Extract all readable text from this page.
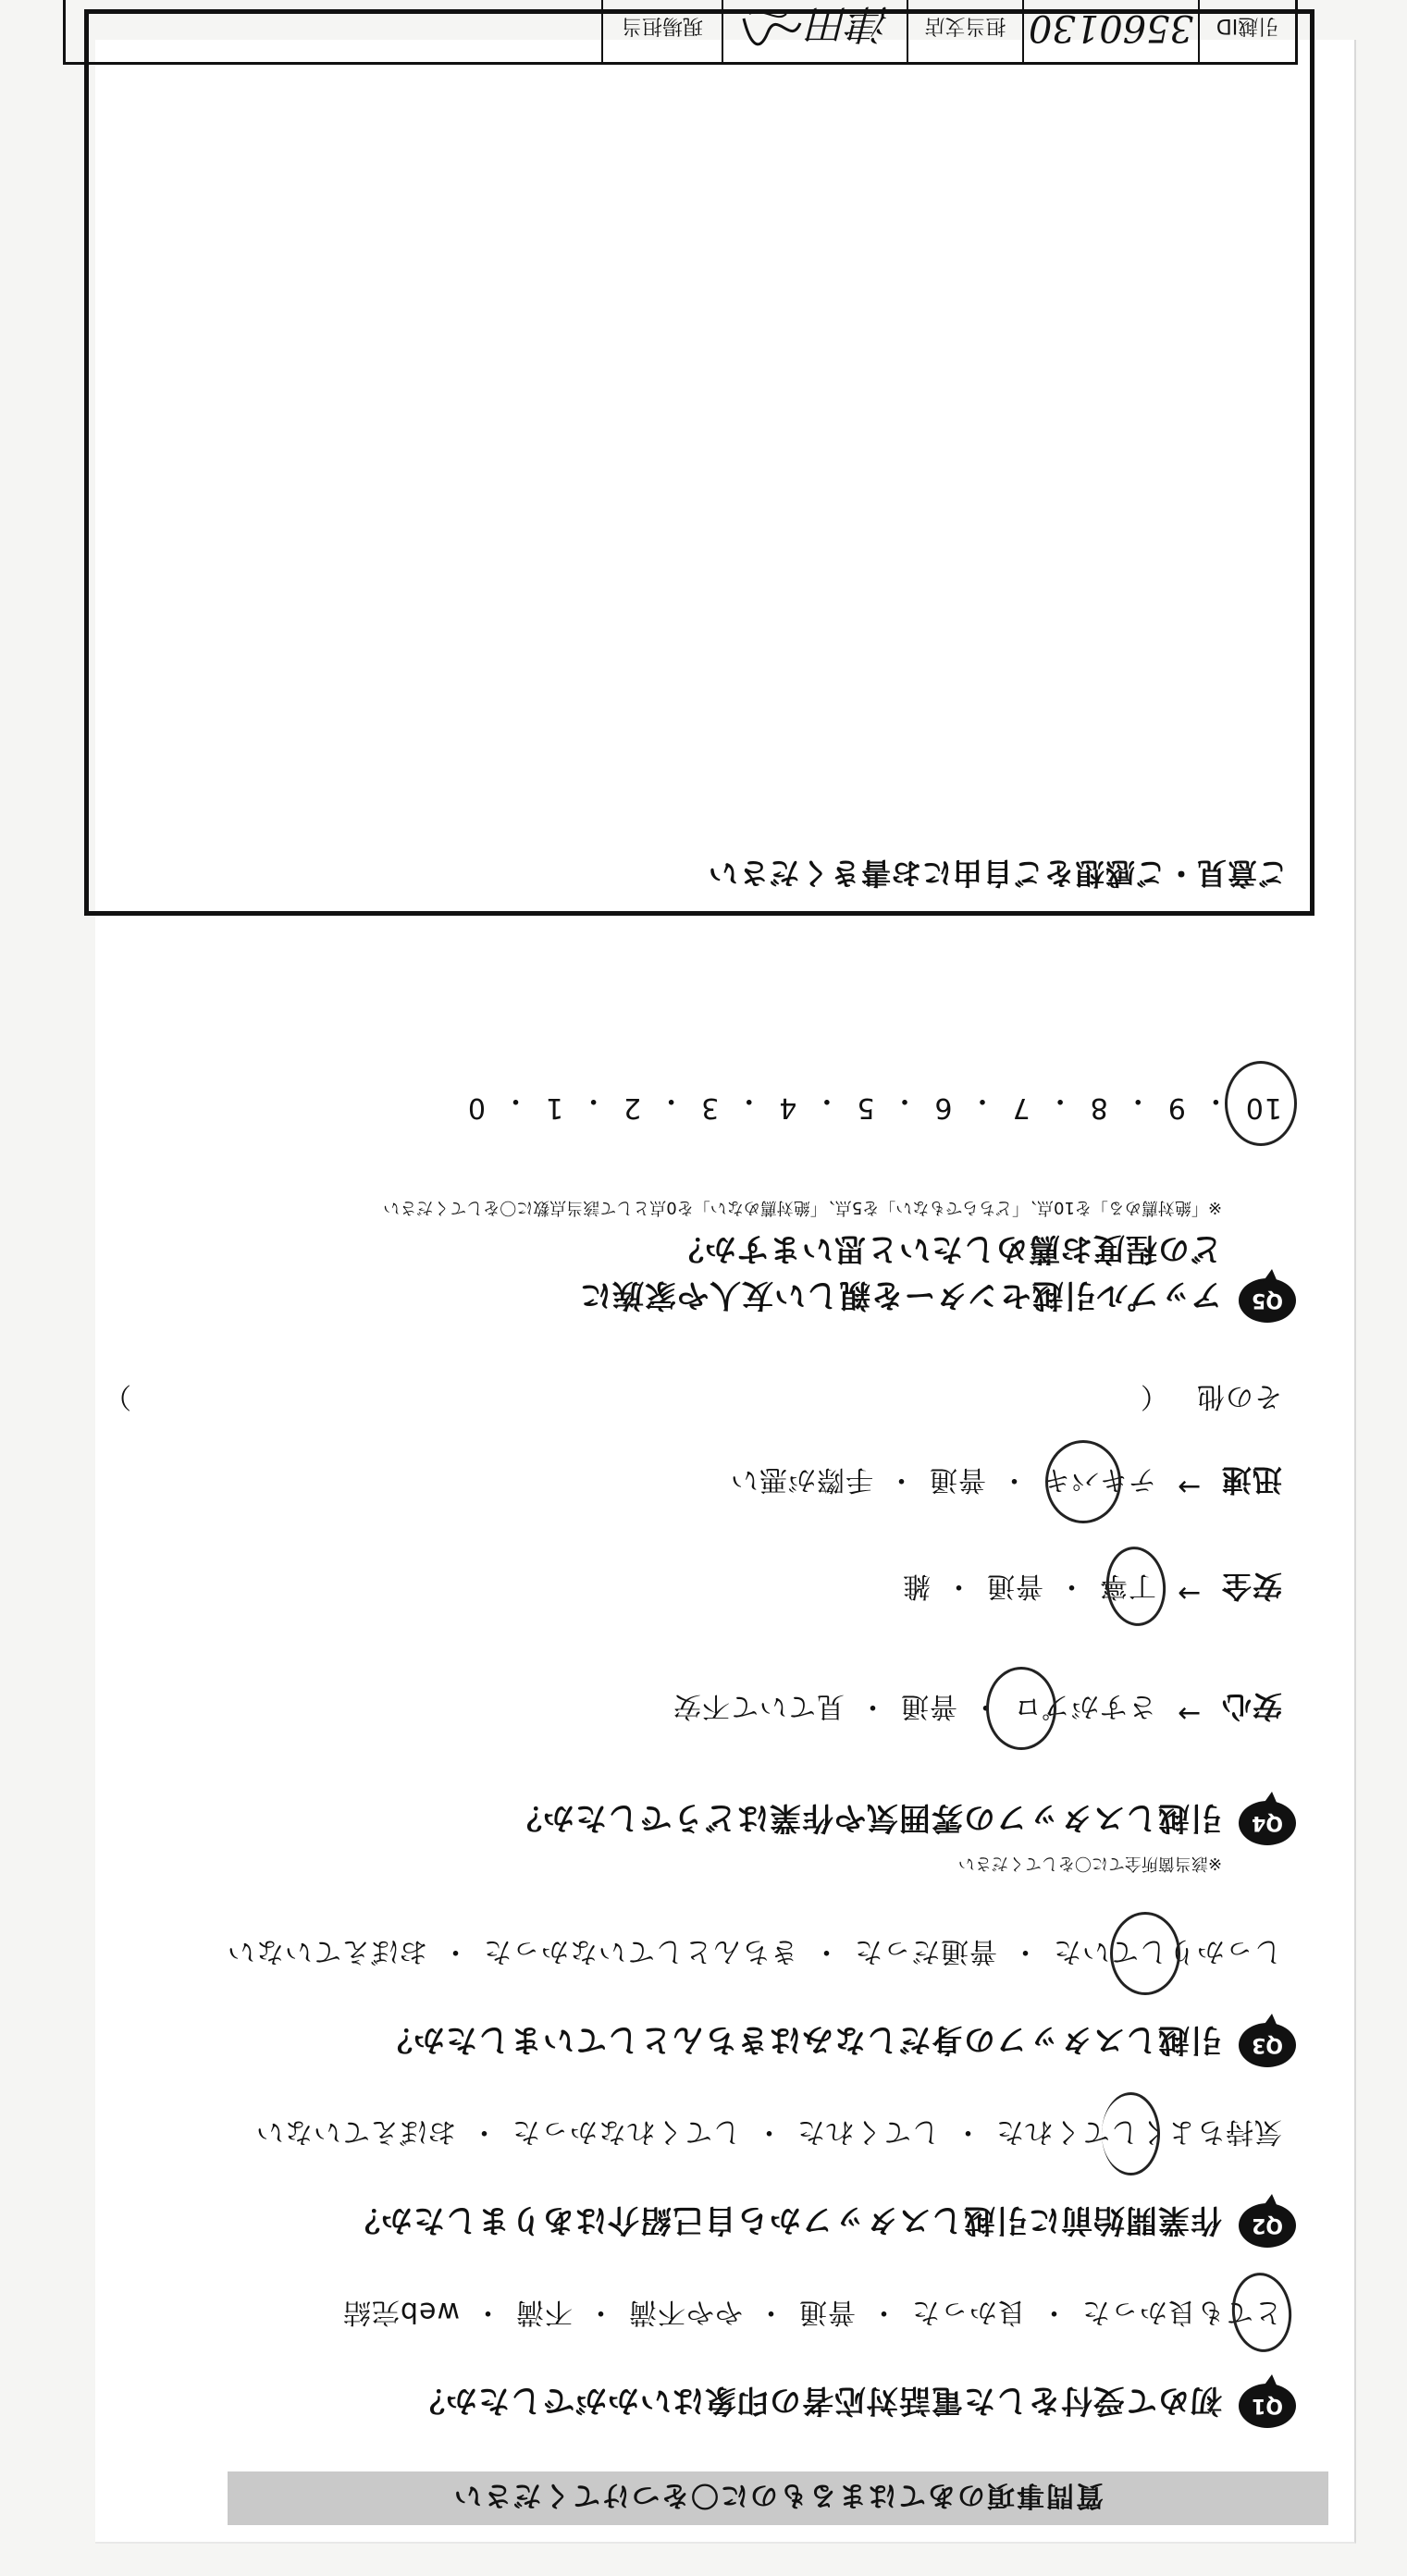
質問事項のあてはまるものに〇をつけてください
Q1
初めて受付をした電話対応者の印象はいかがでしたか？
とても良かった
・
良かった
・
普通
・
やや不満
・
不満
・
web完結
Q2
作業開始前に引越しスタッフから自己紹介はありましたか？
気持ちよくしてくれた
・
してくれた
・
してくれなかった
・
おぼえていない
Q3
引越しスタッフの身だしなみはきちんとしていましたか？
しっかりしていた
・
普通だった
・
きちんとしていなかった
・
おぼえていない
Q4
引越しスタッフの雰囲気や作業はどうでしたか？
※該当箇所全てに〇をしてください
安心
→
さすがプロ
・
普通
・
見ていて不安
安全
→
丁寧
・
普通
・
雑
迅速
→
テキパキ
・
普通
・
手際が悪い
その他
（
）
Q5
アップル引越センターを親しい友人や家族に
どの程度お薦めしたいと思いますか？
※「絶対薦める」を10点、「どちらでもない」を5点、「絶対薦めない」を0点として該当点数に〇をしてください
10
・
9
・
8
・
7
・
6
・
5
・
4
・
3
・
2
・
1
・
0
ご意見・ご感想をご自由にお書きください
引越ID
3560130
担当支店
津田
現場担当
